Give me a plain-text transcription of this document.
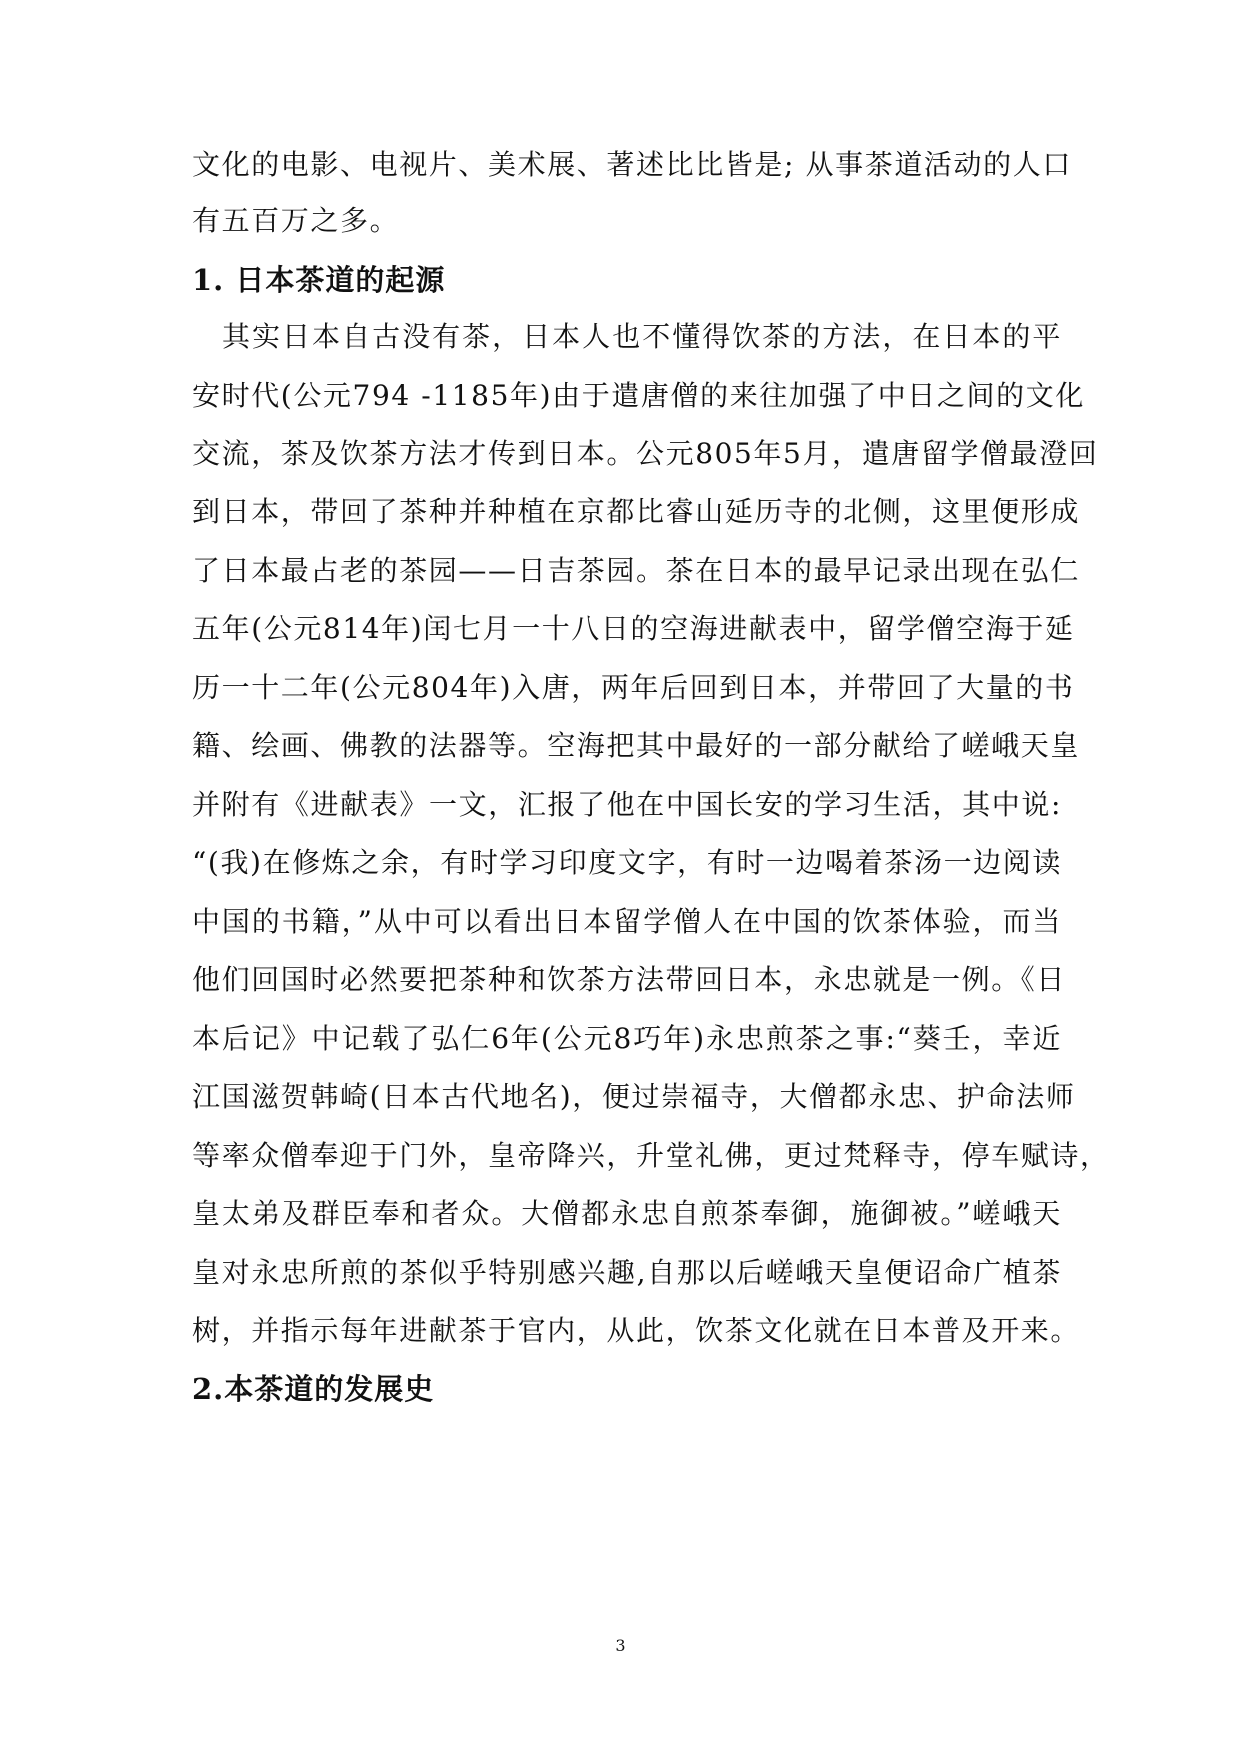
文化的电影、电视片、美术展、著述比比皆是; 从事茶道活动的人口
有五百万之多。
1. 日本茶道的起源
其实日本自古没有茶，日本人也不懂得饮茶的方法，在日本的平
安时代(公元794 -1185年)由于遣唐僧的来往加强了中日之间的文化
交流，茶及饮茶方法才传到日本。公元805年5月，遣唐留学僧最澄回
到日本，带回了茶种并种植在京都比睿山延历寺的北侧，这里便形成
了日本最占老的茶园——日吉茶园。茶在日本的最早记录出现在弘仁
五年(公元814年)闰七月一十八日的空海进献表中，留学僧空海于延
历一十二年(公元804年)入唐，两年后回到日本，并带回了大量的书
籍、绘画、佛教的法器等。空海把其中最好的一部分献给了嵯峨天皇
并附有《进献表》一文，汇报了他在中国长安的学习生活，其中说:
“(我)在修炼之余，有时学习印度文字，有时一边喝着茶汤一边阅读
中国的书籍，”从中可以看出日本留学僧人在中国的饮茶体验，而当
他们回国时必然要把茶种和饮茶方法带回日本，永忠就是一例。《日
本后记》中记载了弘仁6年(公元8巧年)永忠煎茶之事:“葵壬，幸近
江国滋贺韩崎(日本古代地名)，便过崇福寺，大僧都永忠、护命法师
等率众僧奉迎于门外，皇帝降兴，升堂礼佛，更过梵释寺，停车赋诗，
皇太弟及群臣奉和者众。大僧都永忠自煎茶奉御，施御被。”嵯峨天
皇对永忠所煎的茶似乎特别感兴趣,自那以后嵯峨天皇便诏命广植茶
树，并指示每年进献茶于官内，从此，饮茶文化就在日本普及开来。
2.本茶道的发展史
3
